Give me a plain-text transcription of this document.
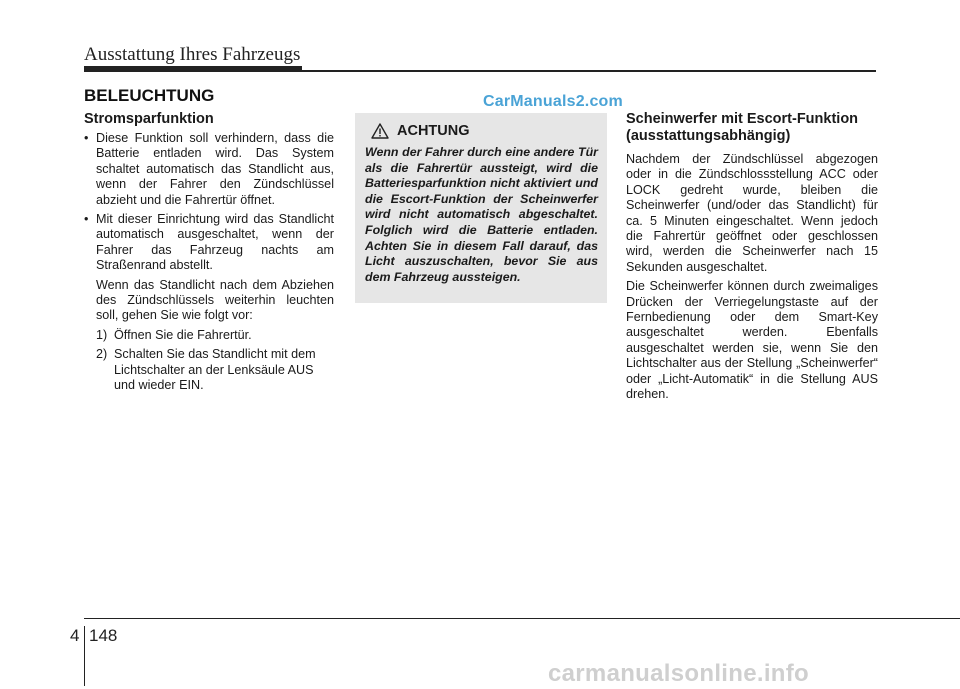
Ausstattung Ihres Fahrzeugs
BELEUCHTUNG	CarManuals2.com
Stromsparfunktion
• Diese Funktion soll verhindern, dass die Batterie entladen wird. Das System schaltet automatisch das Standlicht aus, wenn der Fahrer den Zündschlüssel abzieht und die Fahrertür öffnet.
• Mit dieser Einrichtung wird das Standlicht automatisch ausgeschaltet, wenn der Fahrer das Fahrzeug nachts am Straßenrand abstellt.

Wenn das Standlicht nach dem Abziehen des Zündschlüssels weiterhin leuchten soll, gehen Sie wie folgt vor:

1) Öffnen Sie die Fahrertür.
2) Schalten Sie das Standlicht mit dem Lichtschalter an der Lenksäule AUS und wieder EIN.
ACHTUNG

Wenn der Fahrer durch eine andere Tür als die Fahrertür aussteigt, wird die Batteriesparfunktion nicht aktiviert und die Escort-Funktion der Scheinwerfer wird nicht automatisch abgeschaltet. Folglich wird die Batterie entladen. Achten Sie in diesem Fall darauf, das Licht auszuschalten, bevor Sie aus dem Fahrzeug aussteigen.

Scheinwerfer mit Escort-Funktion (ausstattungsabhängig)

Nachdem der Zündschlüssel abgezogen oder in die Zündschlossstellung ACC oder LOCK gedreht wurde, bleiben die Scheinwerfer (und/oder das Standlicht) für ca. 5 Minuten eingeschaltet. Wenn jedoch die Fahrertür geöffnet oder geschlossen wird, werden die Scheinwerfer nach 15 Sekunden ausgeschaltet.

Die Scheinwerfer können durch zweimaliges Drücken der Verriegelungstaste auf der Fernbedienung oder dem Smart-Key ausgeschaltet werden. Ebenfalls ausgeschaltet werden sie, wenn Sie den Lichtschalter aus der Stellung „Scheinwerfer“ oder „Licht-Automatik“ in die Stellung AUS drehen.

4 148
carmanualsonline.info
